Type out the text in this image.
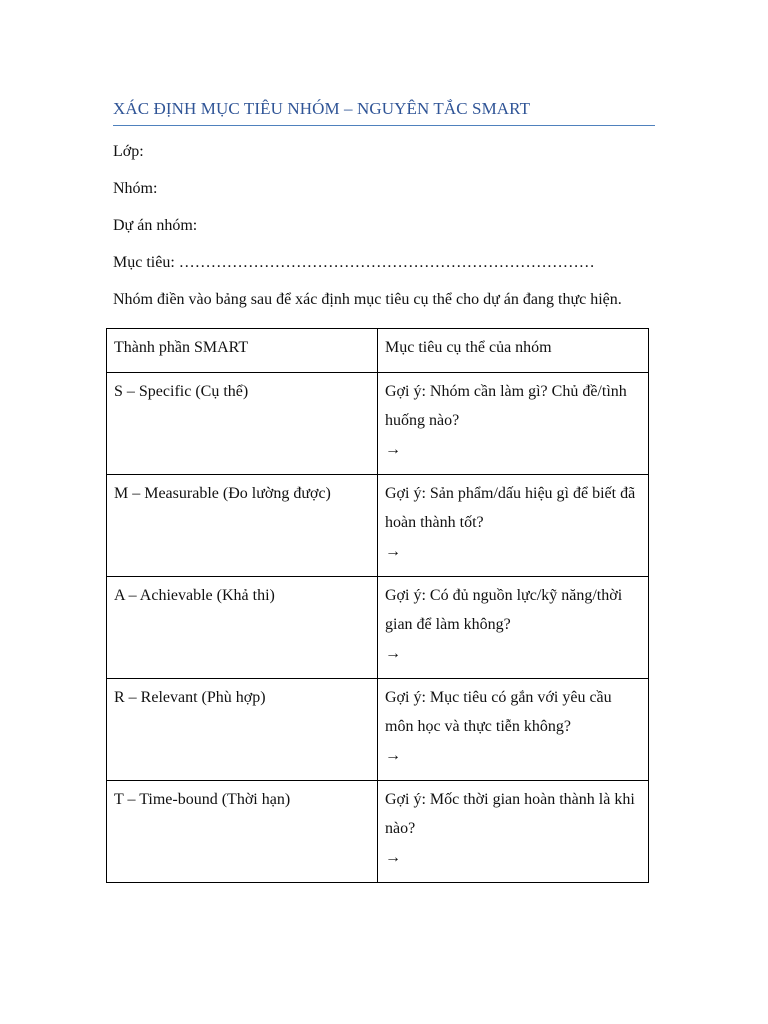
XÁC ĐỊNH MỤC TIÊU NHÓM – NGUYÊN TẮC SMART
Lớp:
Nhóm:
Dự án nhóm:
Mục tiêu: ……………………………………………………………………
Nhóm điền vào bảng sau để xác định mục tiêu cụ thể cho dự án đang thực hiện.
Thành phần SMART	Mục tiêu cụ thể của nhóm
S – Specific (Cụ thể)	Gợi ý: Nhóm cần làm gì? Chủ đề/tình huống nào?
→

M – Measurable (Đo lường được)	Gợi ý: Sản phẩm/dấu hiệu gì để biết đã hoàn thành tốt?
→

A – Achievable (Khả thi)	Gợi ý: Có đủ nguồn lực/kỹ năng/thời gian để làm không?
→

R – Relevant (Phù hợp)	Gợi ý: Mục tiêu có gắn với yêu cầu môn học và thực tiễn không?
→

T – Time-bound (Thời hạn)	Gợi ý: Mốc thời gian hoàn thành là khi nào?
→
